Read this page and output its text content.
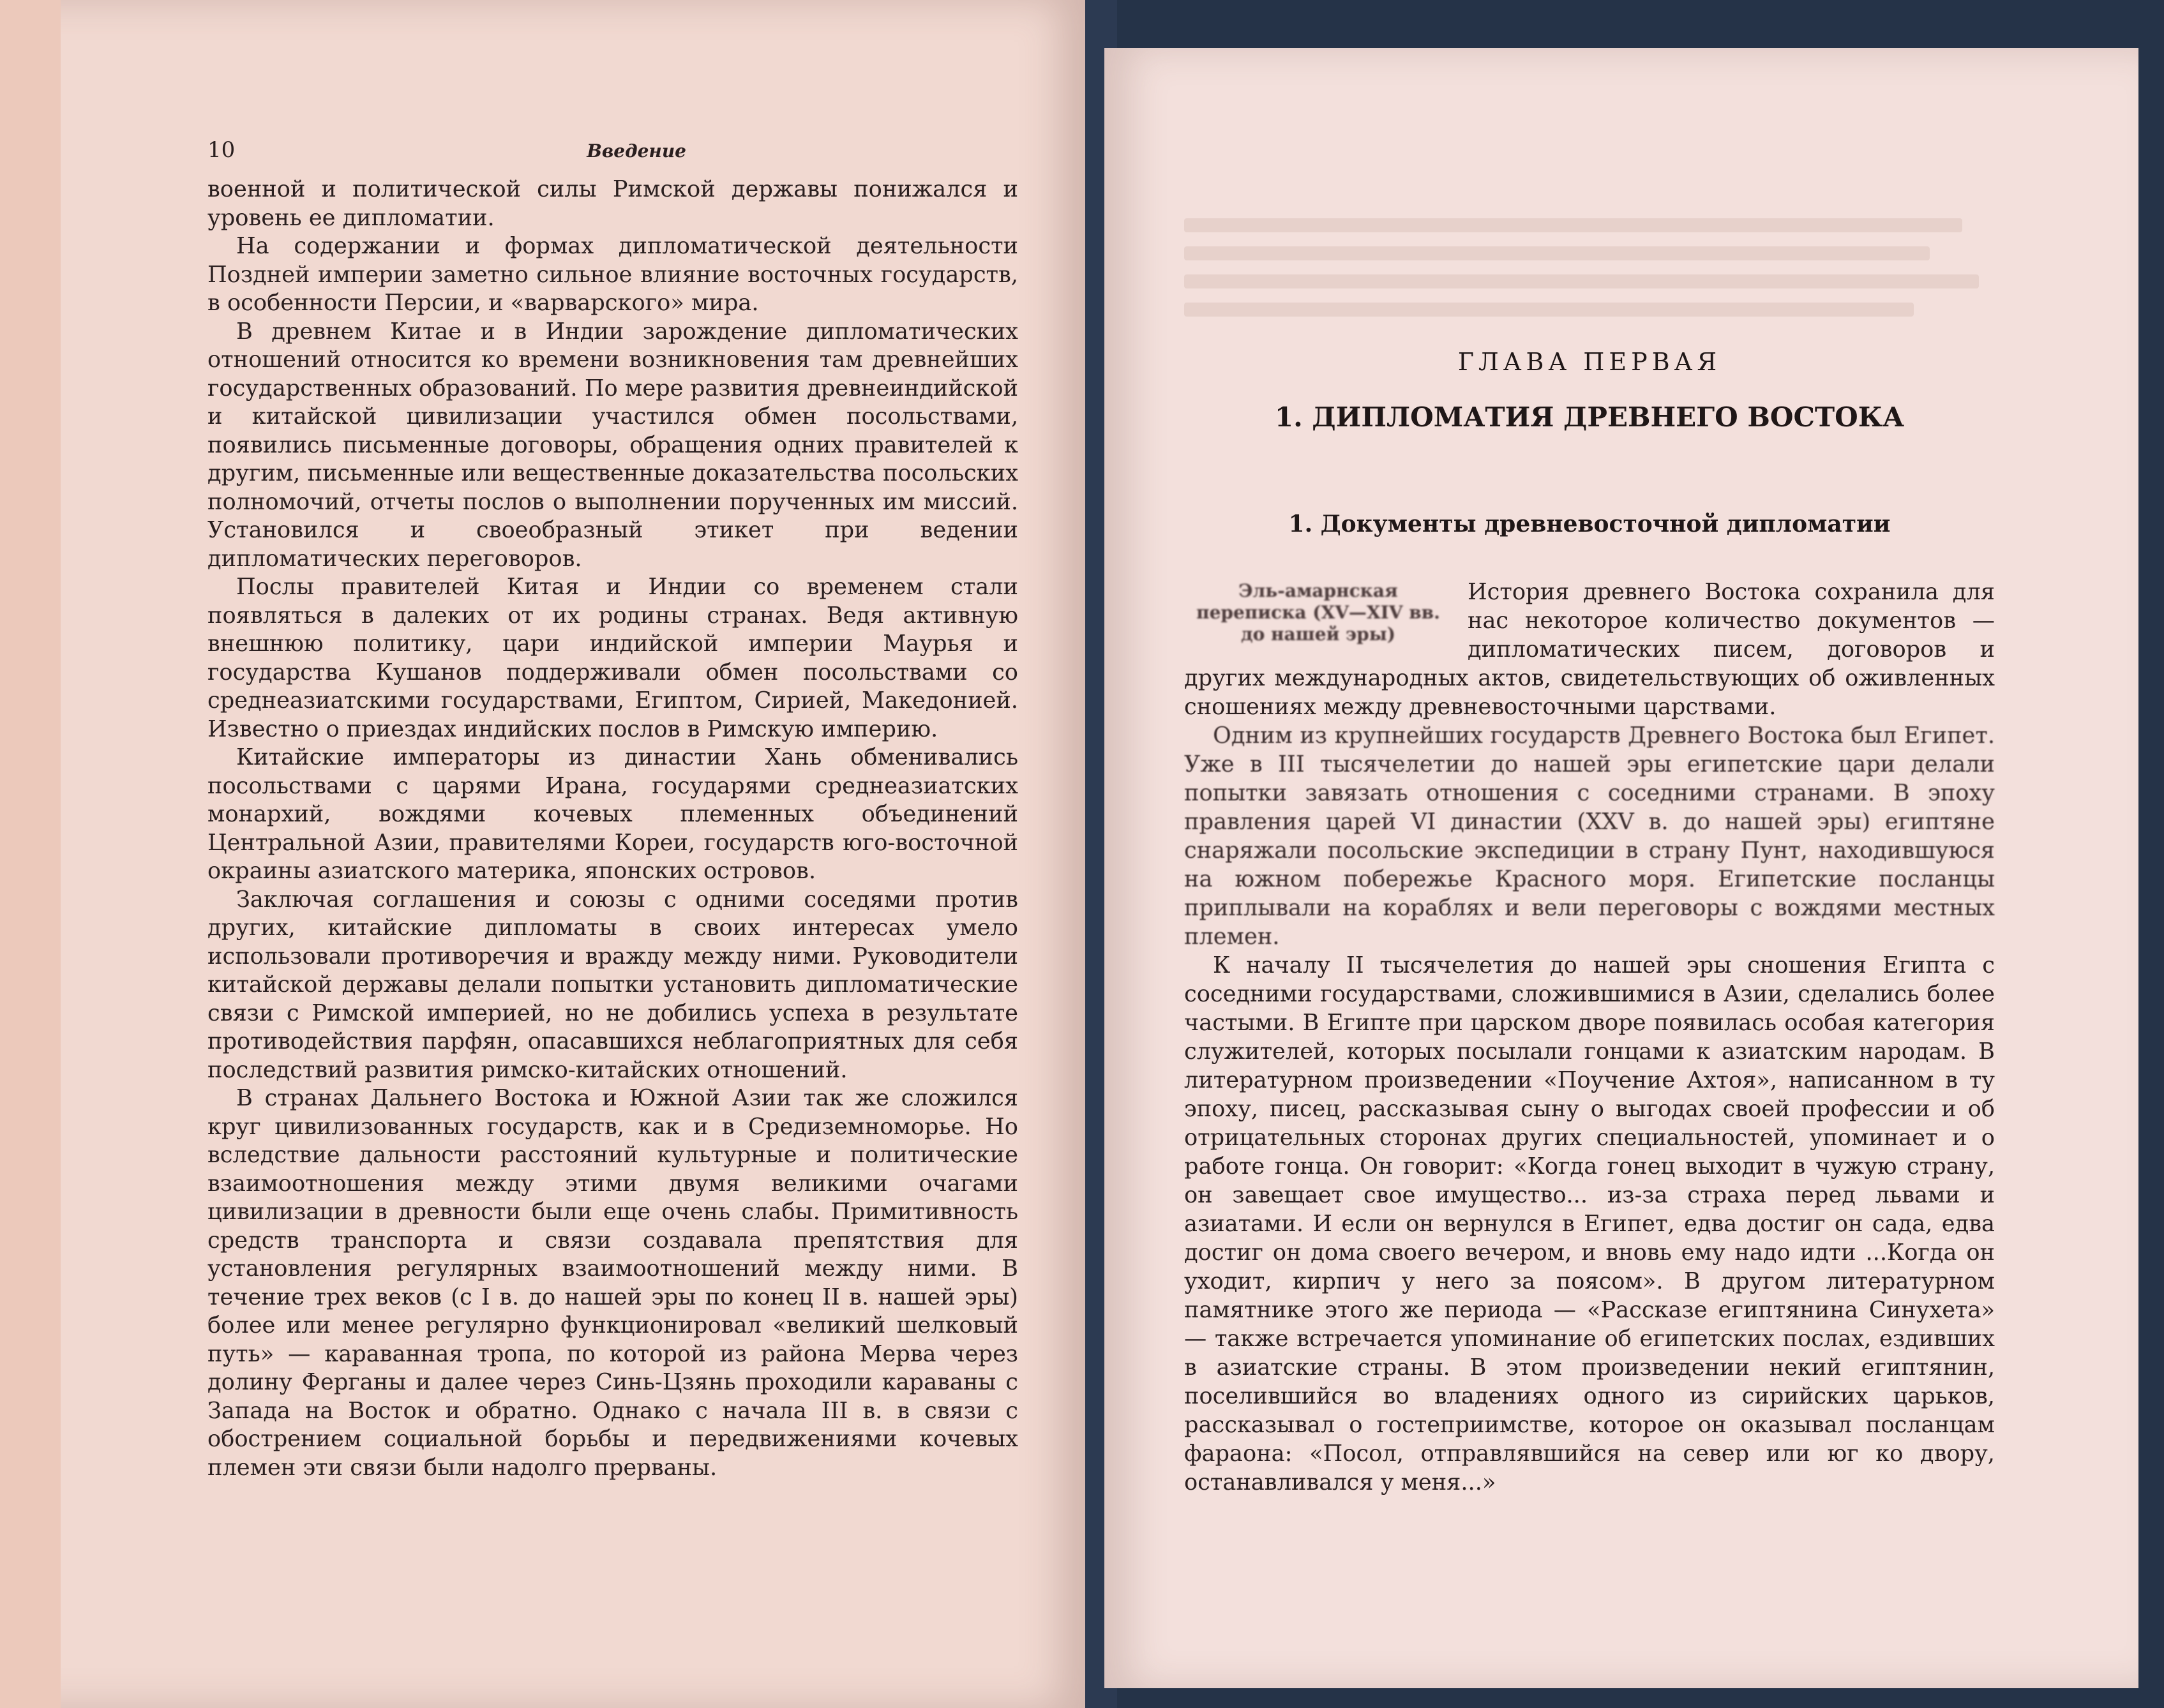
10	Введение

военной и политической силы Римской державы понижался и уровень ее дипломатии.

На содержании и формах дипломатической деятельности Поздней империи заметно сильное влияние восточных государств, в особенности Персии, и «варварского» мира.

В древнем Китае и в Индии зарождение дипломатических отношений относится ко времени возникновения там древнейших государственных образований. По мере развития древнеиндийской и китайской цивилизации участился обмен посольствами, появились письменные договоры, обращения одних правителей к другим, письменные или вещественные доказательства посольских полномочий, отчеты послов о выполнении порученных им миссий. Установился и своеобразный этикет при ведении дипломатических переговоров.

Послы правителей Китая и Индии со временем стали появляться в далеких от их родины странах. Ведя активную внешнюю политику, цари индийской империи Маурья и государства Кушанов поддерживали обмен посольствами со среднеазиатскими государствами, Египтом, Сирией, Македонией. Известно о приездах индийских послов в Римскую империю.

Китайские императоры из династии Хань обменивались посольствами с царями Ирана, государями среднеазиатских монархий, вождями кочевых племенных объединений Центральной Азии, правителями Кореи, государств юго-восточной окраины азиатского материка, японских островов.

Заключая соглашения и союзы с одними соседями против других, китайские дипломаты в своих интересах умело использовали противоречия и вражду между ними. Руководители китайской державы делали попытки установить дипломатические связи с Римской империей, но не добились успеха в результате противодействия парфян, опасавшихся неблагоприятных для себя последствий развития римско-китайских отношений.

В странах Дальнего Востока и Южной Азии так же сложился круг цивилизованных государств, как и в Средиземноморье. Но вследствие дальности расстояний культурные и политические взаимоотношения между этими двумя великими очагами цивилизации в древности были еще очень слабы. Примитивность средств транспорта и связи создавала препятствия для установления регулярных взаимоотношений между ними. В течение трех веков (с I в. до нашей эры по конец II в. нашей эры) более или менее регулярно функционировал «великий шелковый путь» — караванная тропа, по которой из района Мерва через долину Ферганы и далее через Синь-Цзянь проходили караваны с Запада на Восток и обратно. Однако с начала III в. в связи с обострением социальной борьбы и передвижениями кочевых племен эти связи были надолго прерваны.

ГЛАВА ПЕРВАЯ
1. ДИПЛОМАТИЯ ДРЕВНЕГО ВОСТОКА
1. Документы древневосточной дипломатии
Эль-амарнская переписка (XV—XIV вв. до нашей эры)

История древнего Востока сохранила для нас некоторое количество документов — дипломатических писем, договоров и других международных актов, свидетельствующих об оживленных сношениях между древневосточными царствами.

Одним из крупнейших государств Древнего Востока был Египет. Уже в III тысячелетии до нашей эры египетские цари делали попытки завязать отношения с соседними странами. В эпоху правления царей VI династии (XXV в. до нашей эры) египтяне снаряжали посольские экспедиции в страну Пунт, находившуюся на южном побережье Красного моря. Египетские посланцы приплывали на кораблях и вели переговоры с вождями местных племен.

К началу II тысячелетия до нашей эры сношения Египта с соседними государствами, сложившимися в Азии, сделались более частыми. В Египте при царском дворе появилась особая категория служителей, которых посылали гонцами к азиатским народам. В литературном произведении «Поучение Ахтоя», написанном в ту эпоху, писец, рассказывая сыну о выгодах своей профессии и об отрицательных сторонах других специальностей, упоминает и о работе гонца. Он говорит: «Когда гонец выходит в чужую страну, он завещает свое имущество... из-за страха перед львами и азиатами. И если он вернулся в Египет, едва достиг он сада, едва достиг он дома своего вечером, и вновь ему надо идти ...Когда он уходит, кирпич у него за поясом». В другом литературном памятнике этого же периода — «Рассказе египтянина Синухета» — также встречается упоминание об египетских послах, ездивших в азиатские страны. В этом произведении некий египтянин, поселившийся во владениях одного из сирийских царьков, рассказывал о гостеприимстве, которое он оказывал посланцам фараона: «Посол, отправлявшийся на север или юг ко двору, останавливался у меня...»
